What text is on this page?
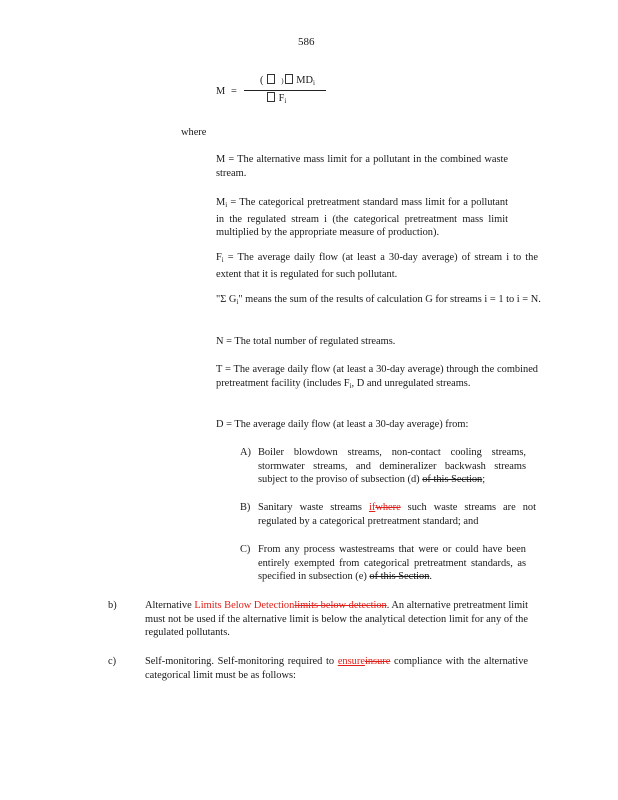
586
M =
(	) $MD_i$
$F_i$
where
M = The alternative mass limit for a pollutant in the combined waste stream.
$M_i$ = The categorical pretreatment standard mass limit for a pollutant in the regulated stream i (the categorical pretreatment mass limit multiplied by the appropriate measure of production).
$F_i$ = The average daily flow (at least a 30-day average) of stream i to the extent that it is regulated for such pollutant.
"Σ $G_i$" means the sum of the results of calculation G for streams i = 1 to i = N.
N = The total number of regulated streams.
T = The average daily flow (at least a 30-day average) through the combined pretreatment facility (includes $F_i$, D and unregulated streams.
D = The average daily flow (at least a 30-day average) from:
A) Boiler blowdown streams, non-contact cooling streams, stormwater streams, and demineralizer backwash streams subject to the proviso of subsection (d) of this Section;
B) Sanitary waste streams ifwhere such waste streams are not regulated by a categorical pretreatment standard; and
C) From any process wastestreams that were or could have been entirely exempted from categorical pretreatment standards, as specified in subsection (e) of this Section.
b)	Alternative Limits Below Detectionlimits below detection. An alternative pretreatment limit must not be used if the alternative limit is below the analytical detection limit for any of the regulated pollutants.
c)	Self-monitoring. Self-monitoring required to ensureinsure compliance with the alternative categorical limit must be as follows:
